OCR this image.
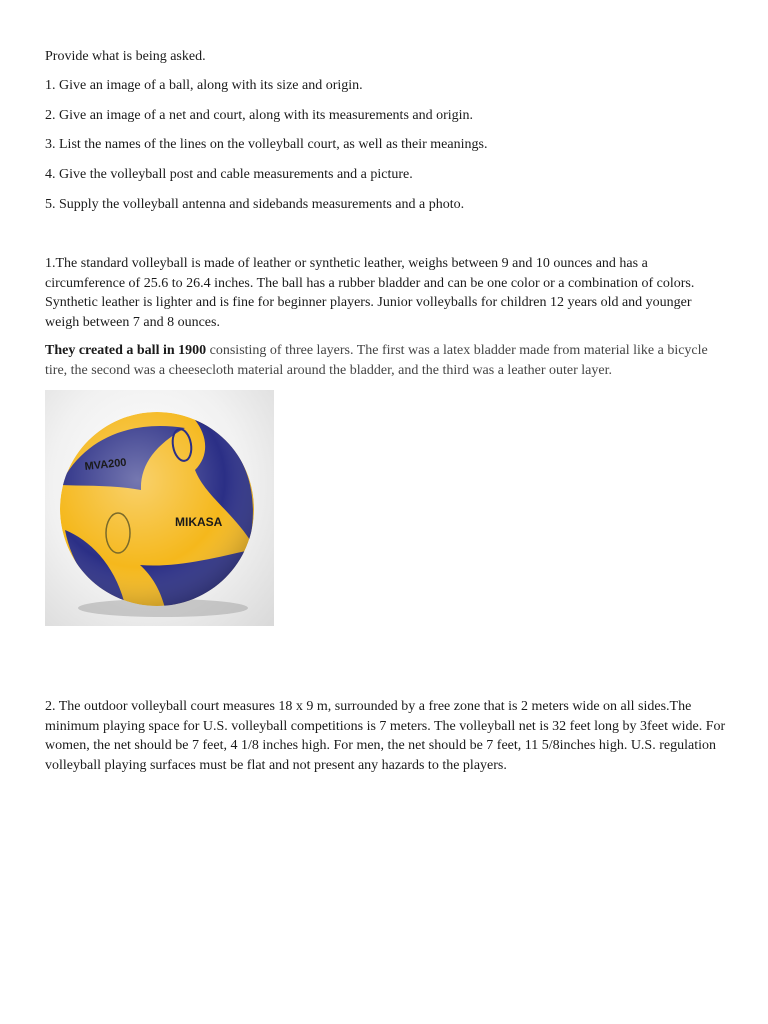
Provide what is being asked.
1. Give an image of a ball, along with its size and origin.
2. Give an image of a net and court, along with its measurements and origin.
3. List the names of the lines on the volleyball court, as well as their meanings.
4. Give the volleyball post and cable measurements and a picture.
5. Supply the volleyball antenna and sidebands measurements and a photo.

1.The standard volleyball is made of leather or synthetic leather, weighs between 9 and 10 ounces and has a circumference of 25.6 to 26.4 inches. The ball has a rubber bladder and can be one color or a combination of colors. Synthetic leather is lighter and is fine for beginner players. Junior volleyballs for children 12 years old and younger weigh between 7 and 8 ounces.

They created a ball in 1900 consisting of three layers. The first was a latex bladder made from material like a bicycle tire, the second was a cheesecloth material around the bladder, and the third was a leather outer layer.

MVA200
MIKASA

2. The outdoor volleyball court measures 18 x 9 m, surrounded by a free zone that is 2 meters wide on all sides.The minimum playing space for U.S. volleyball competitions is 7 meters. The volleyball net is 32 feet long by 3feet wide. For women, the net should be 7 feet, 4 1/8 inches high. For men, the net should be 7 feet, 11 5/8inches high. U.S. regulation volleyball playing surfaces must be flat and not present any hazards to the players.
